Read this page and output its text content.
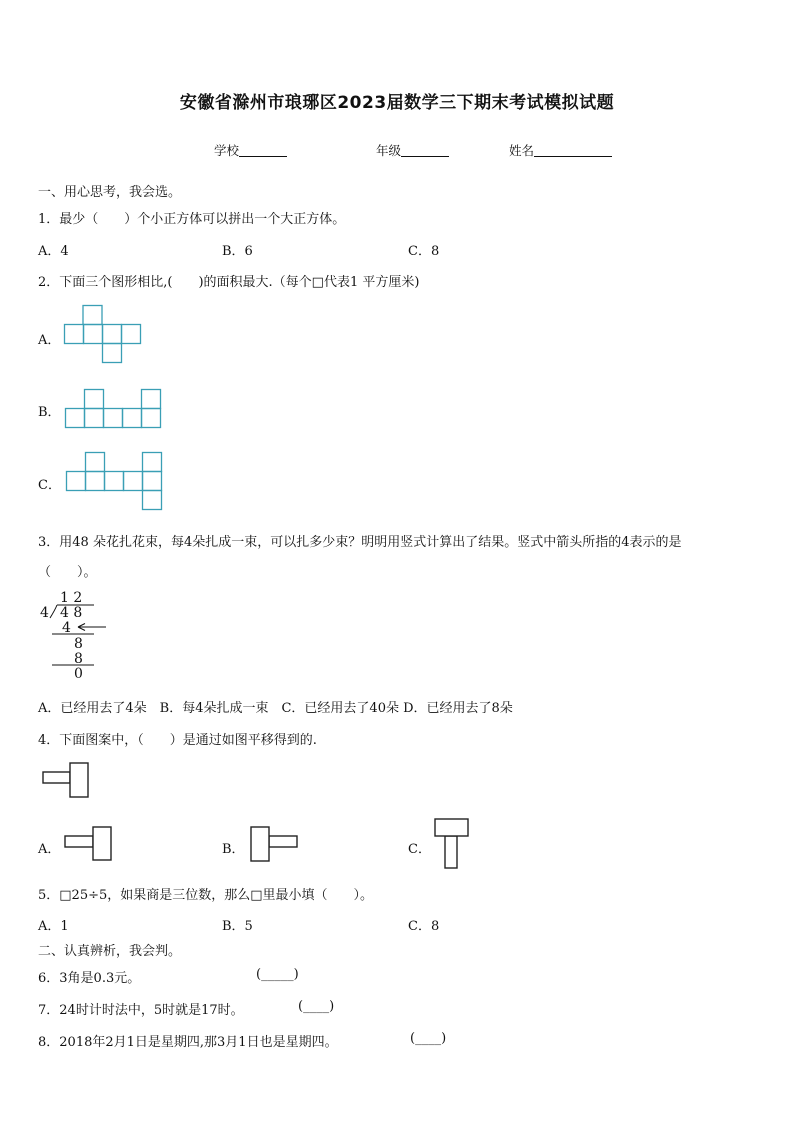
安徽省滁州市琅琊区2023届数学三下期末考试模拟试题
学校	年级	姓名
一、用心思考，我会选。
1．最少（　　）个小正方体可以拼出一个大正方体。
A．4	B．6	C．8
2．下面三个图形相比,(　　)的面积最大.（每个□代表1 平方厘米)
A．
B．
C．
3．用48 朵花扎花束，每4朵扎成一束，可以扎多少束？明明用竖式计算出了结果。竖式中箭头所指的4表示的是
（　　）。
1 2
4 4 8
4
8
8
0
A．已经用去了4朵　B．每4朵扎成一束　C．已经用去了40朵 D．已经用去了8朵
4．下面图案中，（　　）是通过如图平移得到的.
A．	B．	C．
5．□25÷5，如果商是三位数，那么□里最小填（　　）。
A．1	B．5	C．8
二、认真辨析，我会判。
6．3角是0.3元。	(_____)
7．24时计时法中，5时就是17时。	(____)
8．2018年2月1日是星期四,那3月1日也是星期四。	(____)
